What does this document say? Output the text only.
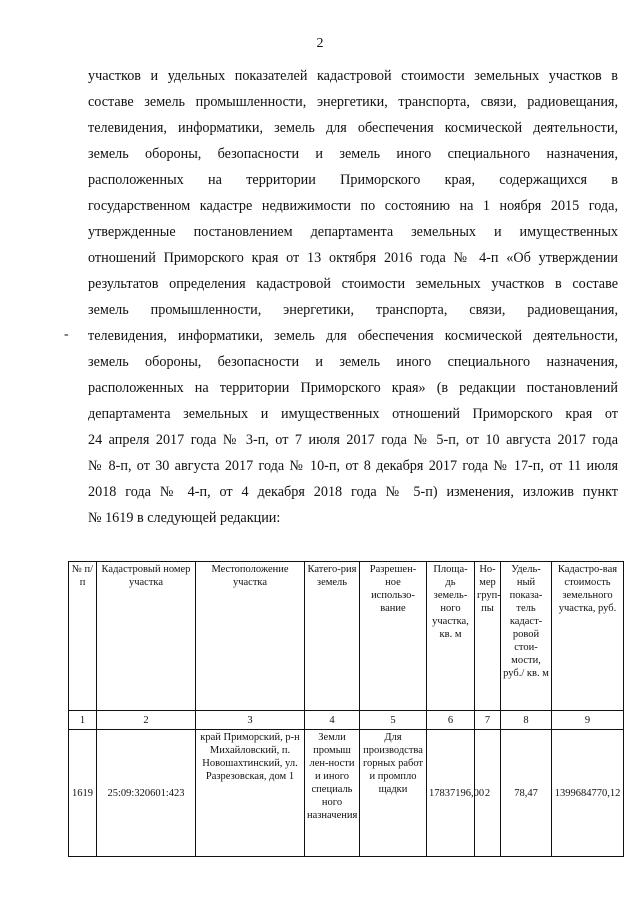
2
участков и удельных показателей кадастровой стоимости земельных участков в
составе земель промышленности, энергетики, транспорта, связи, радиовещания,
телевидения, информатики, земель для обеспечения космической деятельности,
земель обороны, безопасности и земель иного специального назначения,
расположенных на территории Приморского края, содержащихся в
государственном кадастре недвижимости по состоянию на 1 ноября 2015 года,
утвержденные постановлением департамента земельных и имущественных
отношений Приморского края от 13 октября 2016 года № 4-п «Об утверждении
результатов определения кадастровой стоимости земельных участков в составе
земель промышленности, энергетики, транспорта, связи, радиовещания,
телевидения, информатики, земель для обеспечения космической деятельности,
земель обороны, безопасности и земель иного специального назначения,
расположенных на территории Приморского края» (в редакции постановлений
департамента земельных и имущественных отношений Приморского края от
24 апреля 2017 года № 3-п, от 7 июля 2017 года № 5-п, от 10 августа 2017 года
№ 8-п, от 30 августа 2017 года № 10-п, от 8 декабря 2017 года № 17-п, от 11 июля
2018 года № 4-п, от 4 декабря 2018 года № 5-п) изменения, изложив пункт
№ 1619 в следующей редакции:
-
№ п/п	Кадастровый номер участка	Местоположение участка	Катего-рия земель	Разрешен-ное использо-вание	Площа-дь земель-ного участка, кв. м	Но-мер груп-пы	Удель-ный показа-тель кадаст-ровой стои-мости, руб./ кв. м	Кадастро-вая стоимость земельного участка, руб.
1	2	3	4	5	6	7	8	9
1619	25:09:320601:423	край Приморский, р-н Михайловский, п. Новошахтинский, ул. Разрезовская, дом 1	Земли промыш лен-ности и иного специаль ного назначения	Для производства горных работ и промпло щадки	17837196,00	2	78,47	1399684770,12
